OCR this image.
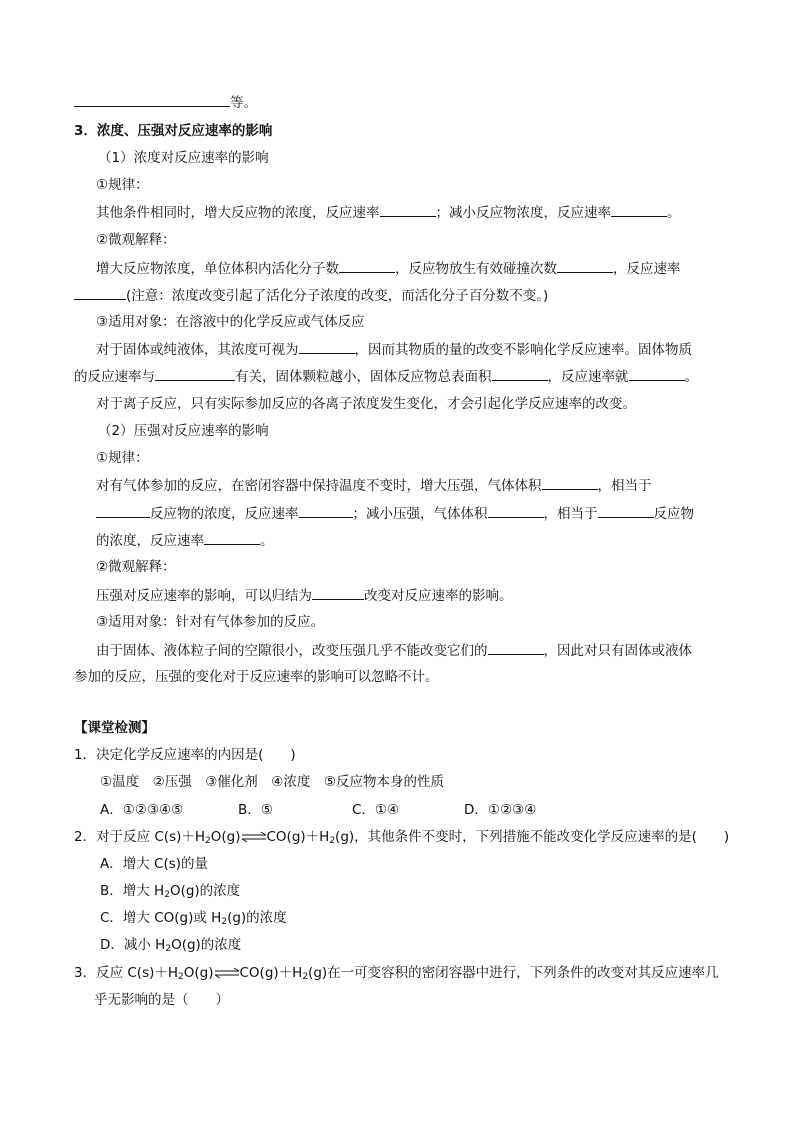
等。
3．浓度、压强对反应速率的影响
（1）浓度对反应速率的影响
①规律：
其他条件相同时，增大反应物的浓度，反应速率	；减小反应物浓度，反应速率	。
②微观解释：
增大反应物浓度，单位体积内活化分子数	，反应物放生有效碰撞次数	，反应速率
(注意：浓度改变引起了活化分子浓度的改变，而活化分子百分数不变。)
③适用对象：在溶液中的化学反应或气体反应
对于固体或纯液体，其浓度可视为	，因而其物质的量的改变不影响化学反应速率。固体物质
的反应速率与	有关，固体颗粒越小，固体反应物总表面积	，反应速率就	。
对于离子反应，只有实际参加反应的各离子浓度发生变化，才会引起化学反应速率的改变。
（2）压强对反应速率的影响
①规律：
对有气体参加的反应，在密闭容器中保持温度不变时，增大压强，气体体积	，相当于
反应物的浓度，反应速率	；减小压强，气体体积	，相当于	反应物
的浓度，反应速率	。
②微观解释：
压强对反应速率的影响，可以归结为	改变对反应速率的影响。
③适用对象：针对有气体参加的反应。
由于固体、液体粒子间的空隙很小，改变压强几乎不能改变它们的	，因此对只有固体或液体
参加的反应，压强的变化对于反应速率的影响可以忽略不计。
【课堂检测】
1．决定化学反应速率的内因是(　　)
①温度　②压强　③催化剂　④浓度　⑤反应物本身的性质
A．①②③④⑤	B．⑤	C．①④	D．①②③④
2．对于反应 $C(s)+H_2O(g)\rightleftharpoons CO(g)+H_2(g)$，其他条件不变时，下列措施不能改变化学反应速率的是(　　)
A．增大 C(s)的量
B．增大 $H_2O(g)$的浓度
C．增大 CO(g)或 $H_2(g)$的浓度
D．减小 $H_2O(g)$的浓度
3．反应 $C(s)+H_2O(g)\rightleftharpoons CO(g)+H_2(g)$在一可变容积的密闭容器中进行，下列条件的改变对其反应速率几
乎无影响的是（　　）
